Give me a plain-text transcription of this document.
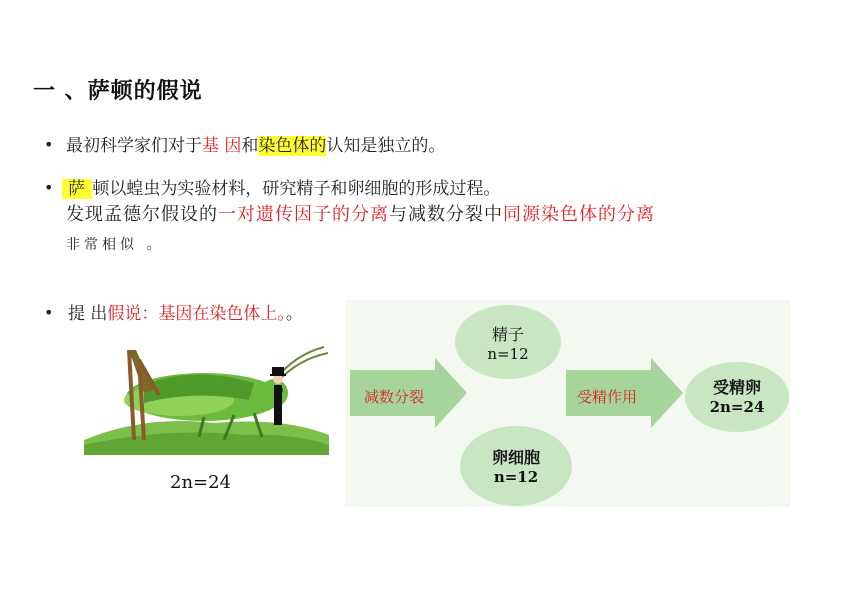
一 、萨顿的假说
• 最初科学家们对于基 因和染色体的认知是独立的。
• 萨 顿以蝗虫为实验材料，研究精子和卵细胞的形成过程。
发现孟德尔假设的一对遗传因子的分离与减数分裂中同源染色体的分离
非常相似 。
• 提 出假说：基因在染色体上。。
2n=24
减数分裂	受精作用
精子
n=12
卵细胞
n=12
受精卵
2n=24
